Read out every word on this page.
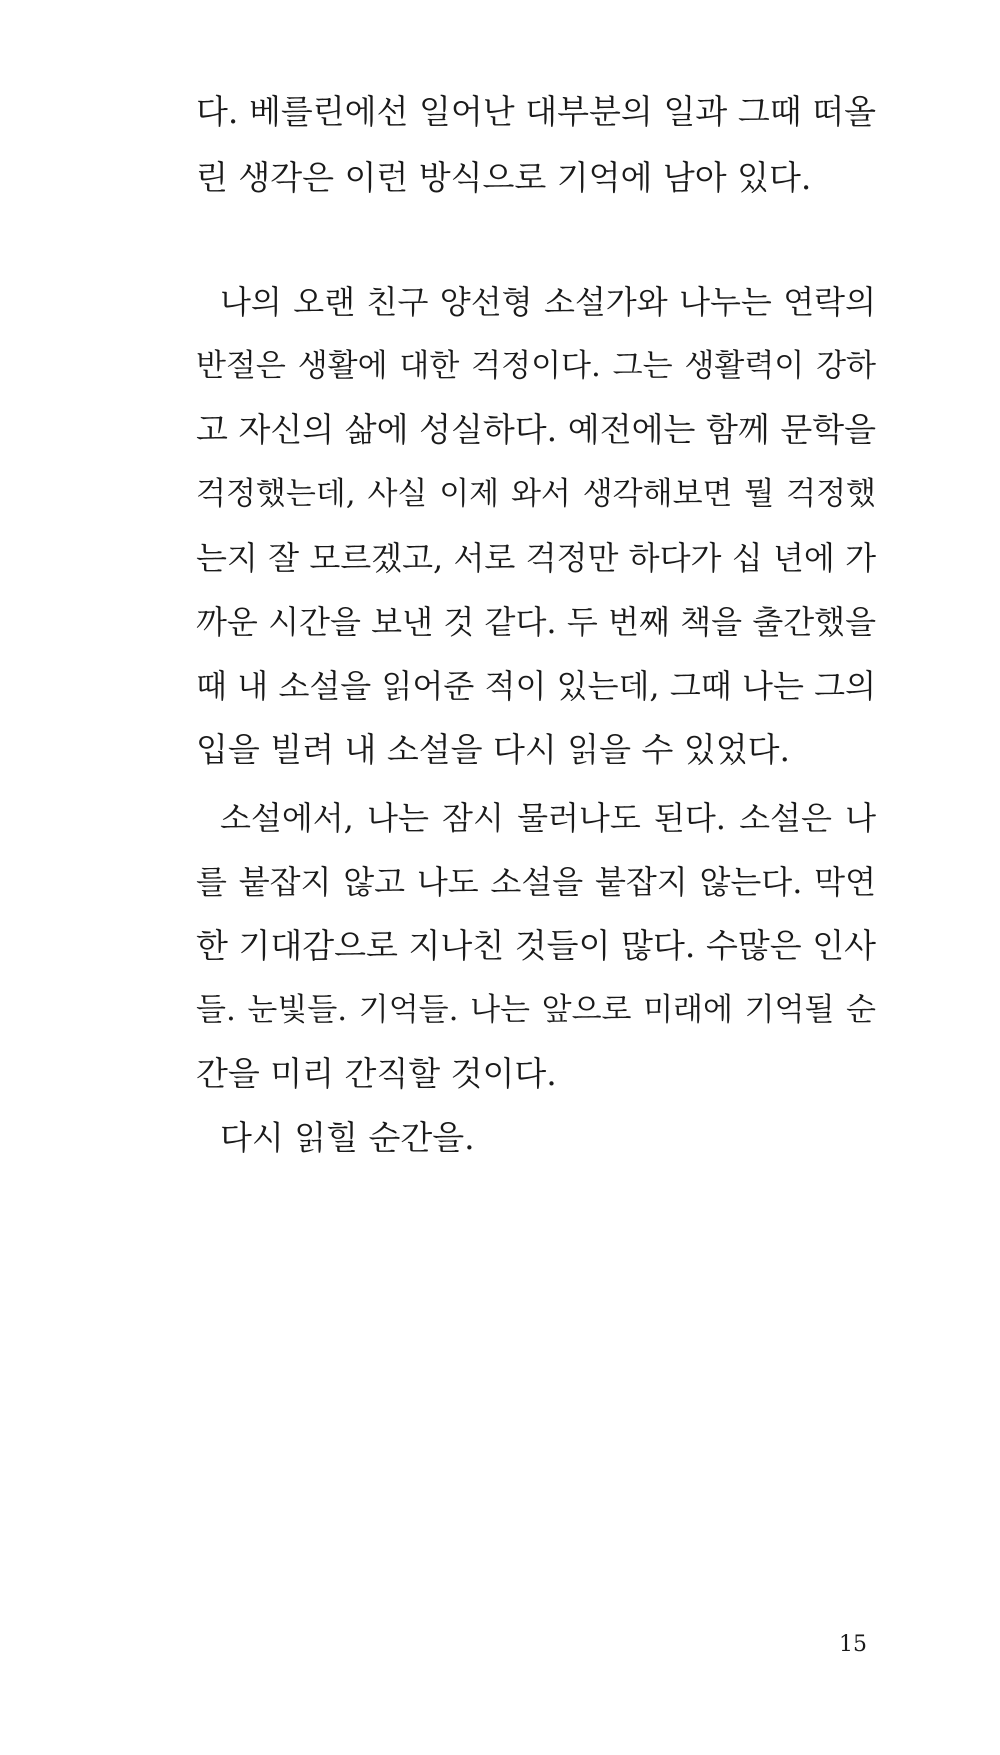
다. 베를린에선 일어난 대부분의 일과 그때 떠올
린 생각은 이런 방식으로 기억에 남아 있다.
나의 오랜 친구 양선형 소설가와 나누는 연락의
반절은 생활에 대한 걱정이다. 그는 생활력이 강하
고 자신의 삶에 성실하다. 예전에는 함께 문학을
걱정했는데, 사실 이제 와서 생각해보면 뭘 걱정했
는지 잘 모르겠고, 서로 걱정만 하다가 십 년에 가
까운 시간을 보낸 것 같다. 두 번째 책을 출간했을
때 내 소설을 읽어준 적이 있는데, 그때 나는 그의
입을 빌려 내 소설을 다시 읽을 수 있었다.
소설에서, 나는 잠시 물러나도 된다. 소설은 나
를 붙잡지 않고 나도 소설을 붙잡지 않는다. 막연
한 기대감으로 지나친 것들이 많다. 수많은 인사
들. 눈빛들. 기억들. 나는 앞으로 미래에 기억될 순
간을 미리 간직할 것이다.
다시 읽힐 순간을.
15
